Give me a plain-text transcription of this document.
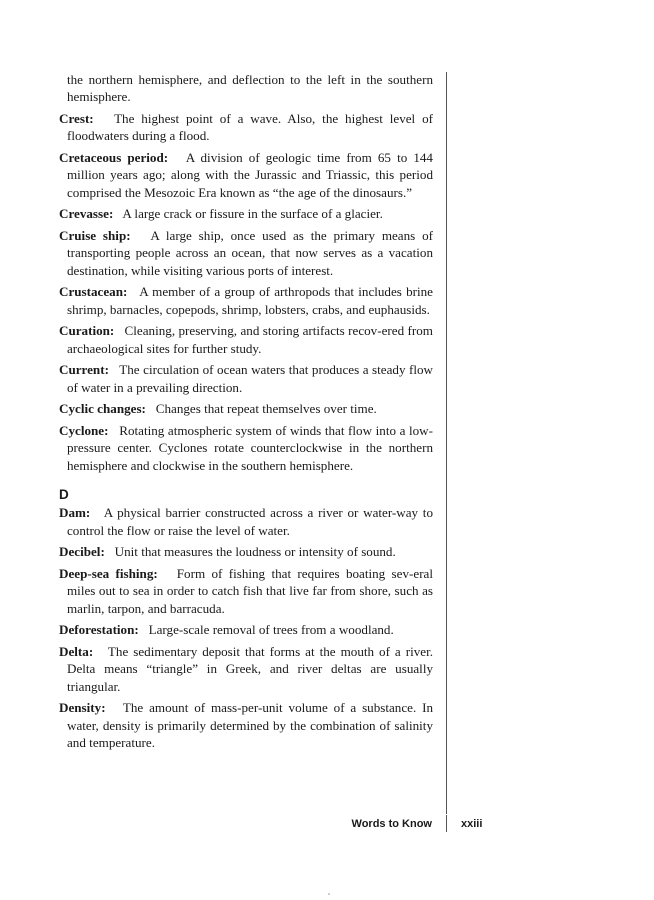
the northern hemisphere, and deflection to the left in the southern hemisphere.

Crest: The highest point of a wave. Also, the highest level of floodwaters during a flood.

Cretaceous period: A division of geologic time from 65 to 144 million years ago; along with the Jurassic and Triassic, this period comprised the Mesozoic Era known as “the age of the dinosaurs.”

Crevasse: A large crack or fissure in the surface of a glacier.

Cruise ship: A large ship, once used as the primary means of transporting people across an ocean, that now serves as a vacation destination, while visiting various ports of interest.

Crustacean: A member of a group of arthropods that includes brine shrimp, barnacles, copepods, shrimp, lobsters, crabs, and euphausids.

Curation: Cleaning, preserving, and storing artifacts recov-ered from archaeological sites for further study.

Current: The circulation of ocean waters that produces a steady flow of water in a prevailing direction.

Cyclic changes: Changes that repeat themselves over time.

Cyclone: Rotating atmospheric system of winds that flow into a low-pressure center. Cyclones rotate counterclockwise in the northern hemisphere and clockwise in the southern hemisphere.

D

Dam: A physical barrier constructed across a river or water-way to control the flow or raise the level of water.

Decibel: Unit that measures the loudness or intensity of sound.

Deep-sea fishing: Form of fishing that requires boating sev-eral miles out to sea in order to catch fish that live far from shore, such as marlin, tarpon, and barracuda.

Deforestation: Large-scale removal of trees from a woodland.

Delta: The sedimentary deposit that forms at the mouth of a river. Delta means “triangle” in Greek, and river deltas are usually triangular.

Density: The amount of mass-per-unit volume of a substance. In water, density is primarily determined by the combination of salinity and temperature.

Words to Know	xxiii
